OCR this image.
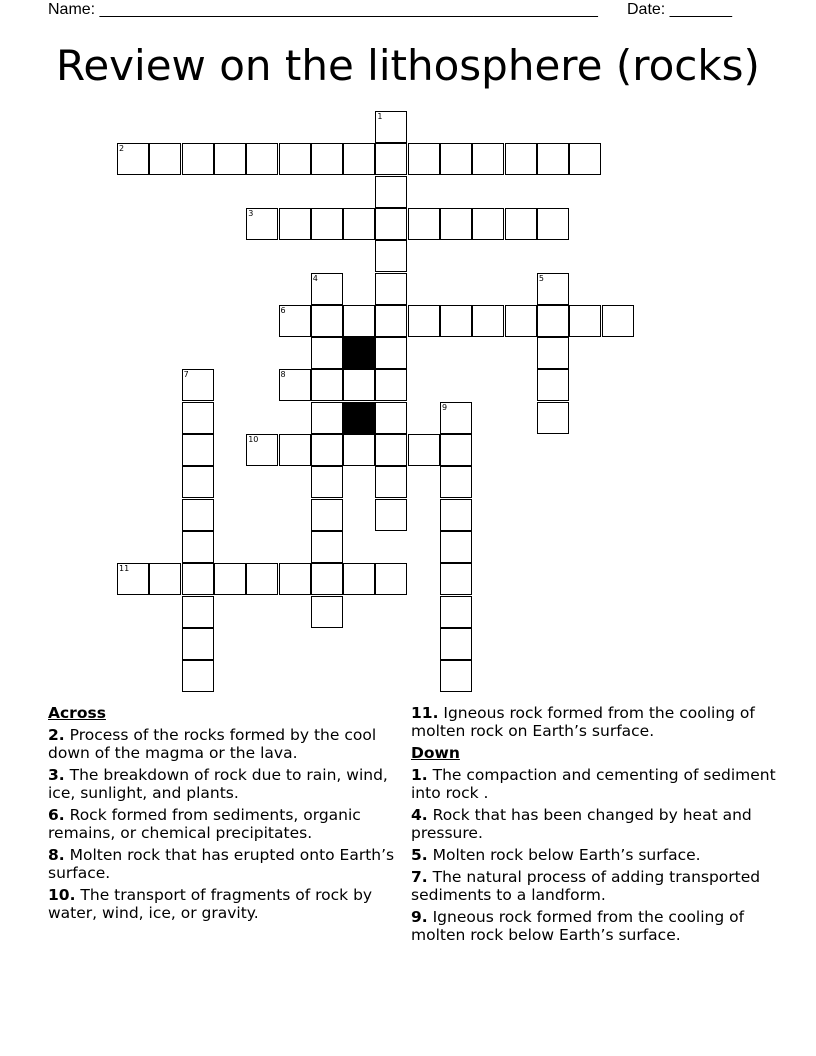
Name: ________________________________________________________ Date: _______
Review on the lithosphere (rocks)
2
3
6
8
10
11
1
4	5
7
9
Across
2. Process of the rocks formed by the cool down of the magma or the lava.
3. The breakdown of rock due to rain, wind, ice, sunlight, and plants.
6. Rock formed from sediments, organic remains, or chemical precipitates.
8. Molten rock that has erupted onto Earth’s surface.
10. The transport of fragments of rock by water, wind, ice, or gravity.
11. Igneous rock formed from the cooling of molten rock on Earth’s surface.
Down
1. The compaction and cementing of sediment into rock .
4. Rock that has been changed by heat and pressure.
5. Molten rock below Earth’s surface.
7. The natural process of adding transported sediments to a landform.
9. Igneous rock formed from the cooling of molten rock below Earth’s surface.
